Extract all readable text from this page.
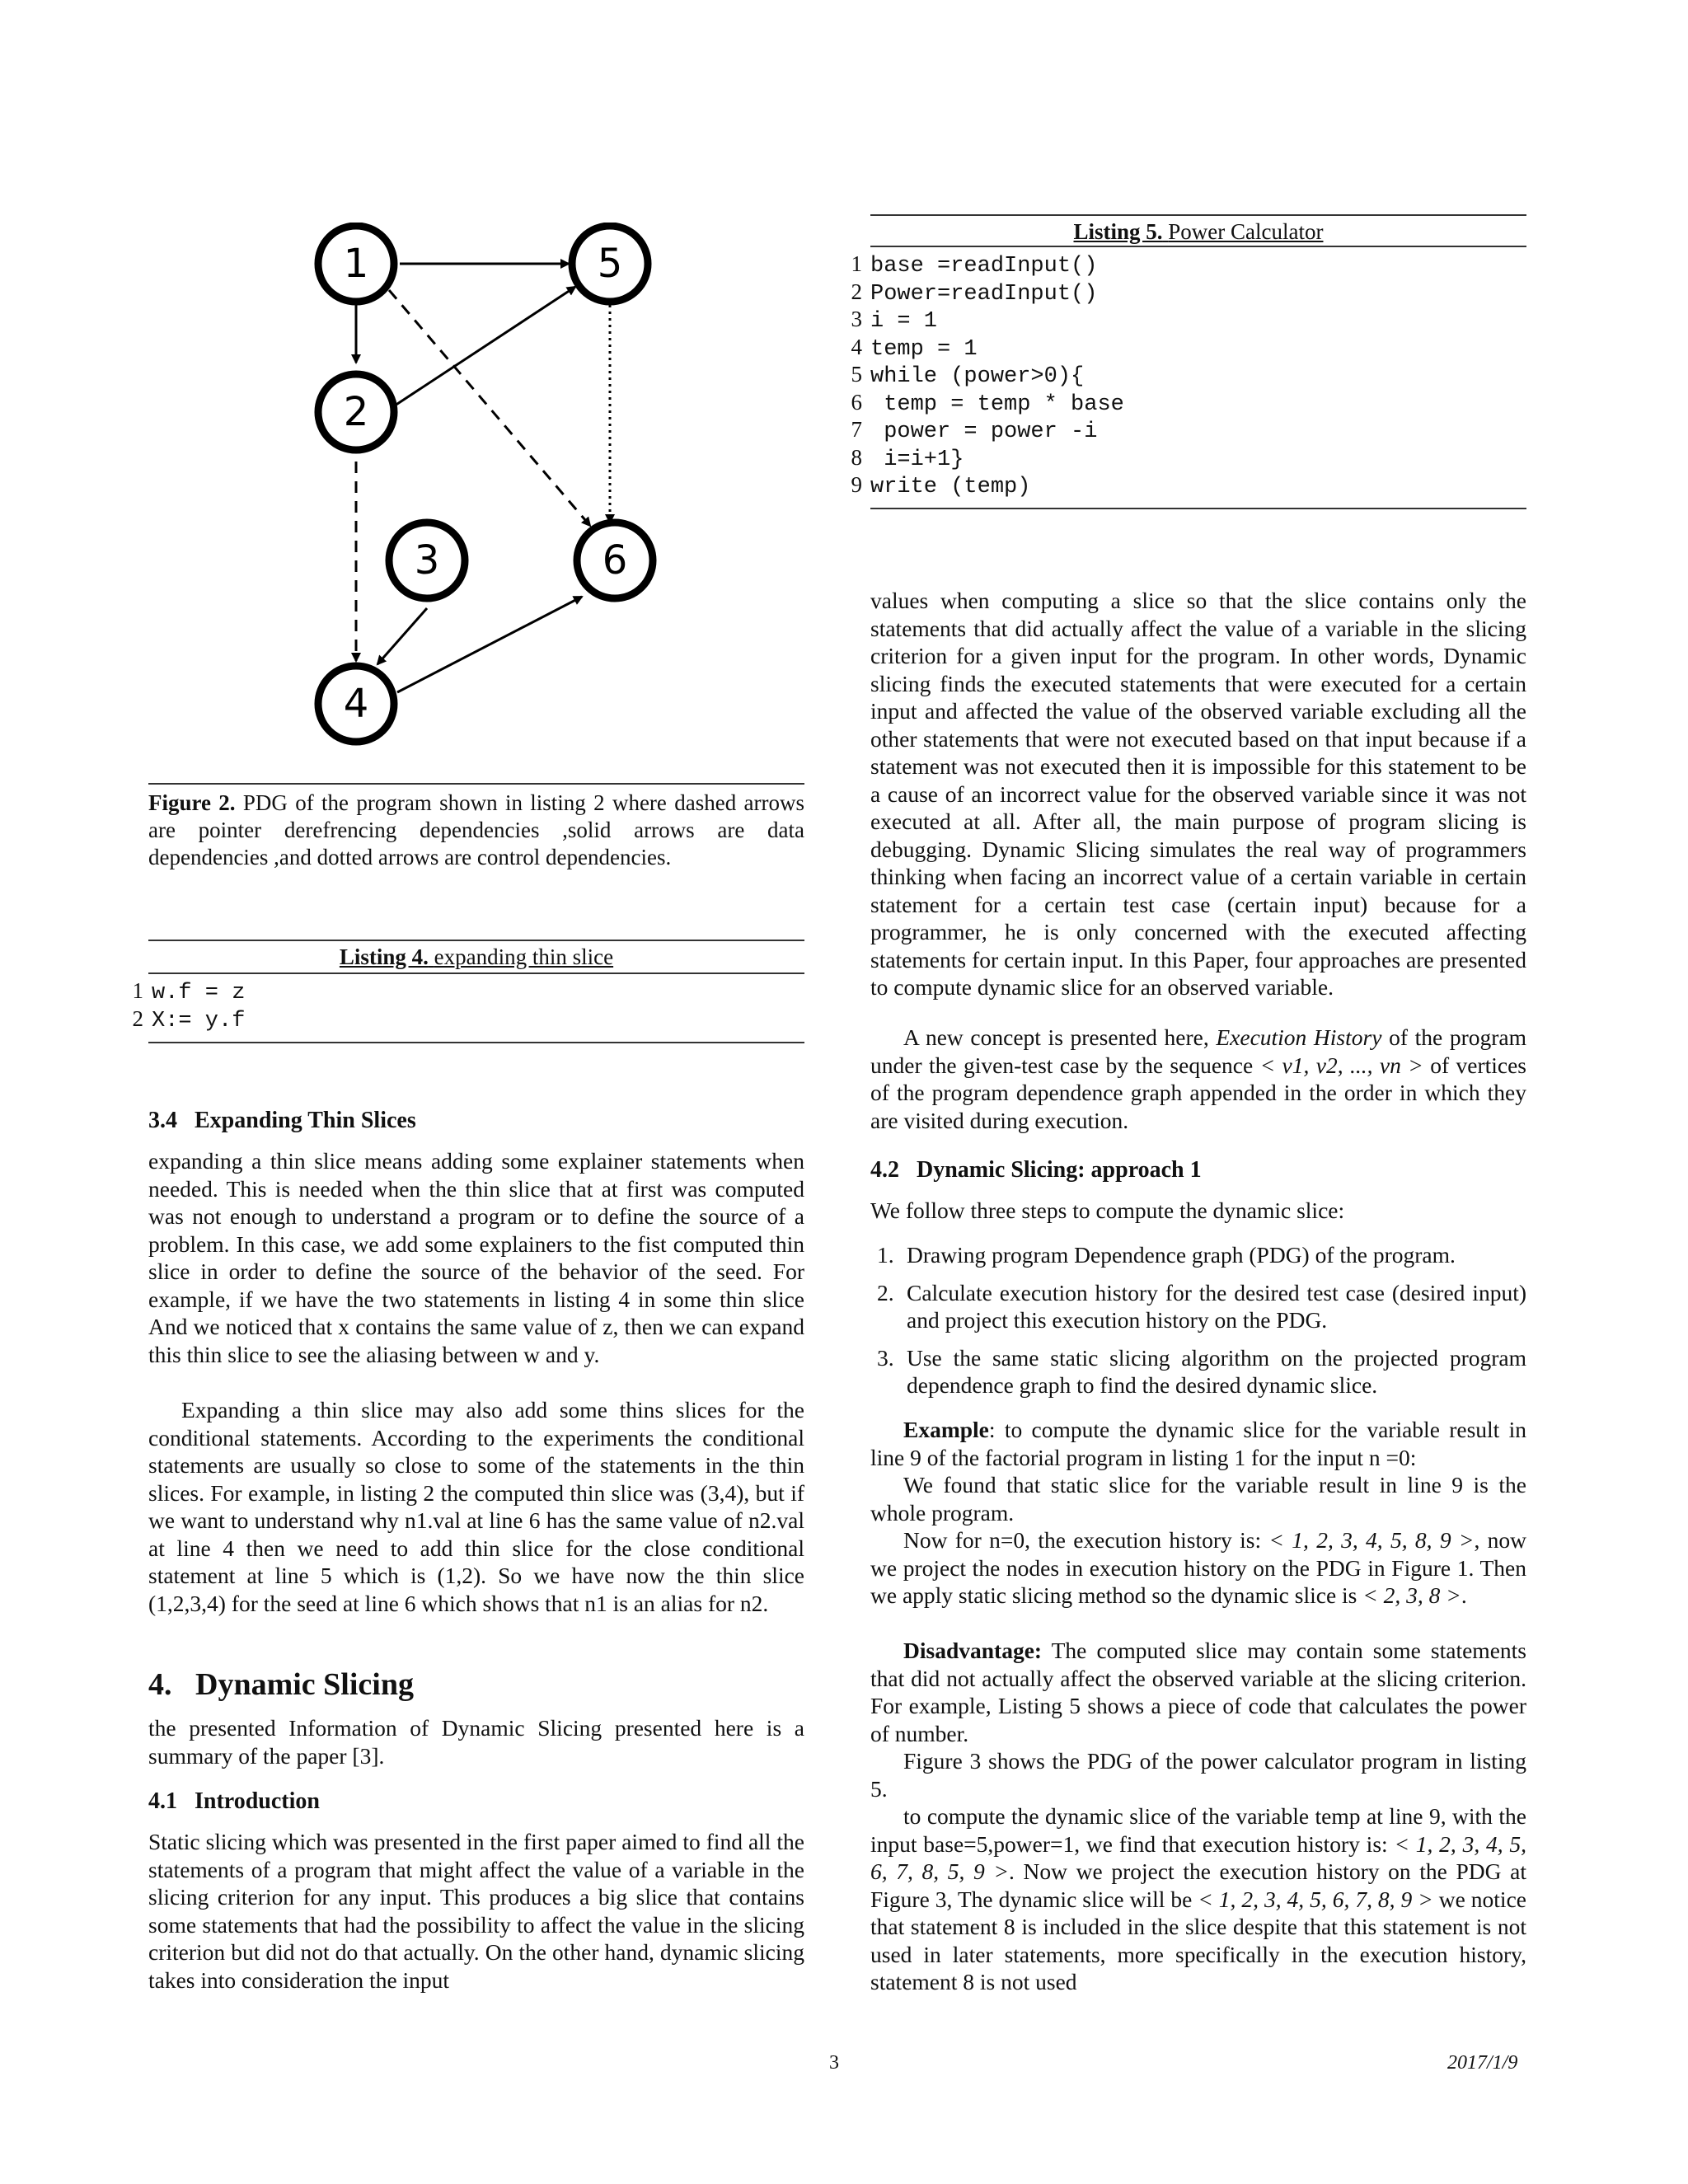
1	5
2
3	6
4

Figure 2. PDG of the program shown in listing 2 where dashed arrows are pointer derefrencing dependencies ,solid arrows are data dependencies ,and dotted arrows are control dependencies.

Listing 4. expanding thin slice
1 w.f = z
2 X:= y.f
3.4 Expanding Thin Slices

expanding a thin slice means adding some explainer statements when needed. This is needed when the thin slice that at first was computed was not enough to understand a program or to define the source of a problem. In this case, we add some explainers to the fist computed thin slice in order to define the source of the behavior of the seed. For example, if we have the two statements in listing 4 in some thin slice And we noticed that x contains the same value of z, then we can expand this thin slice to see the aliasing between w and y.

Expanding a thin slice may also add some thins slices for the conditional statements. According to the experiments the conditional statements are usually so close to some of the statements in the thin slices. For example, in listing 2 the computed thin slice was (3,4), but if we want to understand why n1.val at line 6 has the same value of n2.val at line 4 then we need to add thin slice for the close conditional statement at line 5 which is (1,2). So we have now the thin slice (1,2,3,4) for the seed at line 6 which shows that n1 is an alias for n2.

4. Dynamic Slicing

the presented Information of Dynamic Slicing presented here is a summary of the paper [3].

4.1 Introduction

Static slicing which was presented in the first paper aimed to find all the statements of a program that might affect the value of a variable in the slicing criterion for any input. This produces a big slice that contains some statements that had the possibility to affect the value in the slicing criterion but did not do that actually. On the other hand, dynamic slicing takes into consideration the input

Listing 5. Power Calculator
1 base =readInput()
2 Power=readInput()
3 i = 1
4 temp = 1
5 while (power>0){
6 temp = temp * base
7 power = power -i
8 i=i+1}
9 write (temp)

values when computing a slice so that the slice contains only the statements that did actually affect the value of a variable in the slicing criterion for a given input for the program. In other words, Dynamic slicing finds the executed statements that were executed for a certain input and affected the value of the observed variable excluding all the other statements that were not executed based on that input because if a statement was not executed then it is impossible for this statement to be a cause of an incorrect value for the observed variable since it was not executed at all. After all, the main purpose of program slicing is debugging. Dynamic Slicing simulates the real way of programmers thinking when facing an incorrect value of a certain variable in certain statement for a certain test case (certain input) because for a programmer, he is only concerned with the executed affecting statements for certain input. In this Paper, four approaches are presented to compute dynamic slice for an observed variable.

A new concept is presented here, Execution History of the program under the given-test case by the sequence < v1, v2, ..., vn > of vertices of the program dependence graph appended in the order in which they are visited during execution.

4.2 Dynamic Slicing: approach 1

We follow three steps to compute the dynamic slice:

1. Drawing program Dependence graph (PDG) of the program.
2. Calculate execution history for the desired test case (desired input) and project this execution history on the PDG.
3. Use the same static slicing algorithm on the projected program dependence graph to find the desired dynamic slice.

Example: to compute the dynamic slice for the variable result in line 9 of the factorial program in listing 1 for the input n =0:

We found that static slice for the variable result in line 9 is the whole program.

Now for n=0, the execution history is: < 1, 2, 3, 4, 5, 8, 9 >, now we project the nodes in execution history on the PDG in Figure 1. Then we apply static slicing method so the dynamic slice is < 2, 3, 8 >.

Disadvantage: The computed slice may contain some statements that did not actually affect the observed variable at the slicing criterion. For example, Listing 5 shows a piece of code that calculates the power of number.

Figure 3 shows the PDG of the power calculator program in listing 5.

to compute the dynamic slice of the variable temp at line 9, with the input base=5,power=1, we find that execution history is: < 1, 2, 3, 4, 5, 6, 7, 8, 5, 9 >. Now we project the execution history on the PDG at Figure 3, The dynamic slice will be < 1, 2, 3, 4, 5, 6, 7, 8, 9 > we notice that statement 8 is included in the slice despite that this statement is not used in later statements, more specifically in the execution history, statement 8 is not used

3	2017/1/9
